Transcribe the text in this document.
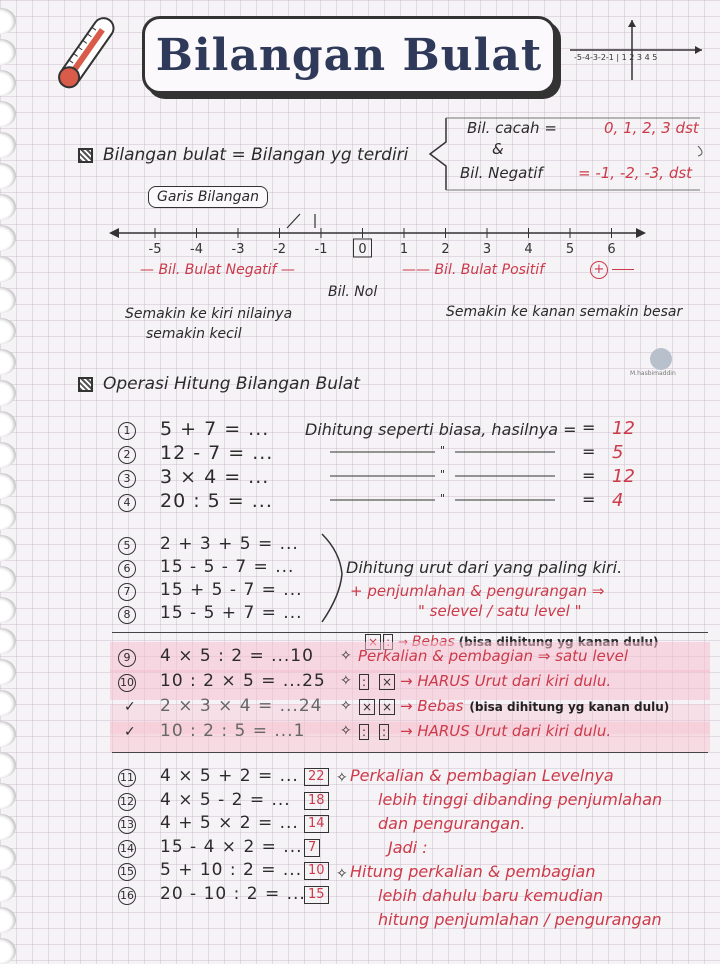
Bilangan Bulat	-5-4-3-2-1 | 1 2 3 4 5
Bilangan bulat = Bilangan yg terdiri
Bil. cacah =	0, 1, 2, 3 dst
&
Bil. Negatif = -1, -2, -3, dst
Garis Bilangan
-5 -4 -3 -2 -1 0	1	2	3	4	5	6
— Bil. Bulat Negatif —	—— Bil. Bulat Positif	+
Bil. Nol
Semakin ke kiri nilainya
semakin kecil
Semakin ke kanan semakin besar
M.hasbimaddin
Operasi Hitung Bilangan Bulat
1 5 + 7 = ...	= 12
2 12 - 7 = ...	= 5
3 3 × 4 = ...	= 12
4 20 : 5 = ...	= 4
Dihitung seperti biasa, hasilnya =
"
"
"
5	2 + 3 + 5 = ...
6	15 - 5 - 7 = ...
7	15 + 5 - 7 = ...
8	15 - 5 + 7 = ...
Dihitung urut dari yang paling kiri.
+ penjumlahan & pengurangan ⇒
" selevel / satu level "
9	4 × 5 : 2 = ...10 ✧ Perkalian & pembagian ⇒ satu level
10 10 : 2 × 5 = ...25 ✧ : × → HARUS Urut dari kiri dulu.
✓ 2 × 3 × 4 = ...24 ✧ × × → Bebas (bisa dihitung yg kanan dulu)
✓ 10 : 2 : 5 = ...1 ✧ : : → HARUS Urut dari kiri dulu.
11 4 × 5 + 2 = ... 22
12 4 × 5 - 2 = ...	18
13 4 + 5 × 2 = ... 14
14 15 - 4 × 2 = ... 7
15 5 + 10 : 2 = ... 10
16 20 - 10 : 2 = ... 15
Perkalian & pembagian Levelnya
lebih tinggi dibanding penjumlahan
dan pengurangan.
Jadi :
Hitung perkalian & pembagian
lebih dahulu baru kemudian
hitung penjumlahan / pengurangan
✧
✧
